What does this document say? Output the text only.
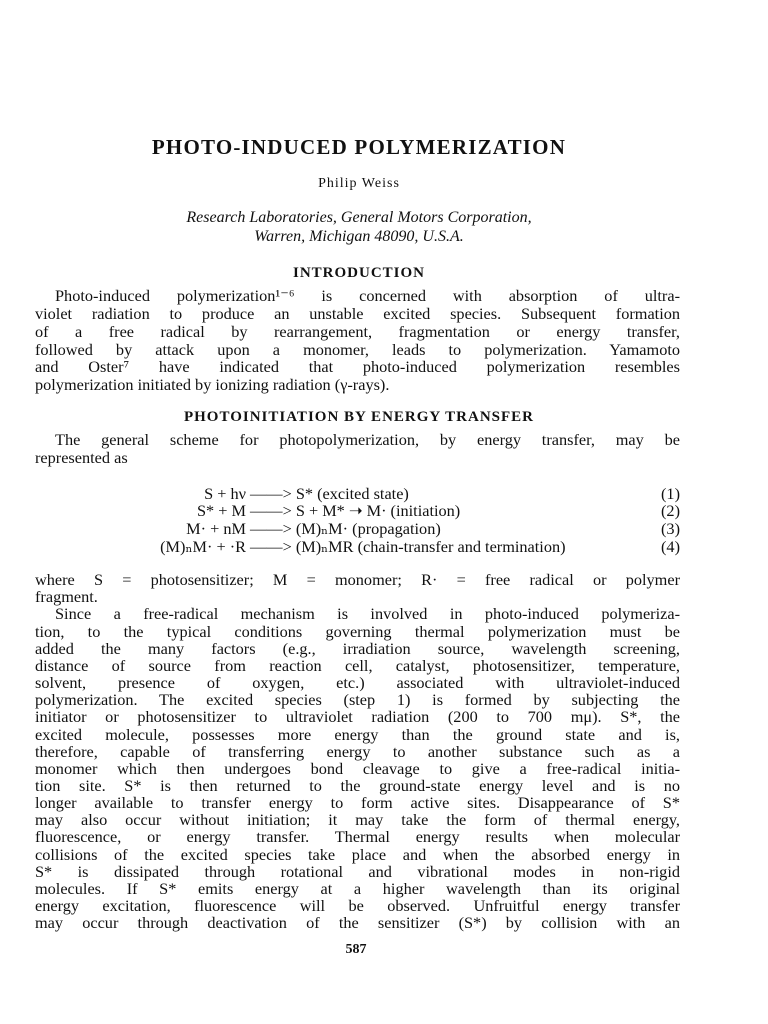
PHOTO-INDUCED POLYMERIZATION
Philip Weiss
Research Laboratories, General Motors Corporation,
Warren, Michigan 48090, U.S.A.
INTRODUCTION
Photo-induced polymerization¹⁻⁶ is concerned with absorption of ultra-
violet radiation to produce an unstable excited species. Subsequent formation
of a free radical by rearrangement, fragmentation or energy transfer,
followed by attack upon a monomer, leads to polymerization. Yamamoto
and Oster⁷ have indicated that photo-induced polymerization resembles
polymerization initiated by ionizing radiation (γ-rays).
PHOTOINITIATION BY ENERGY TRANSFER
The general scheme for photopolymerization, by energy transfer, may be
represented as
S + hν ——> S* (excited state)	(1)
S* + M ——> S + M* ➝ M· (initiation)	(2)
M· + nM ——> (M)ₙM· (propagation)	(3)
(M)ₙM· + ·R ——> (M)ₙMR (chain-transfer and termination)	(4)
where S = photosensitizer; M = monomer; R· = free radical or polymer
fragment.
Since a free-radical mechanism is involved in photo-induced polymeriza-
tion, to the typical conditions governing thermal polymerization must be
added the many factors (e.g., irradiation source, wavelength screening,
distance of source from reaction cell, catalyst, photosensitizer, temperature,
solvent, presence of oxygen, etc.) associated with ultraviolet-induced
polymerization. The excited species (step 1) is formed by subjecting the
initiator or photosensitizer to ultraviolet radiation (200 to 700 mμ). S*, the
excited molecule, possesses more energy than the ground state and is,
therefore, capable of transferring energy to another substance such as a
monomer which then undergoes bond cleavage to give a free-radical initia-
tion site. S* is then returned to the ground-state energy level and is no
longer available to transfer energy to form active sites. Disappearance of S*
may also occur without initiation; it may take the form of thermal energy,
fluorescence, or energy transfer. Thermal energy results when molecular
collisions of the excited species take place and when the absorbed energy in
S* is dissipated through rotational and vibrational modes in non-rigid
molecules. If S* emits energy at a higher wavelength than its original
energy excitation, fluorescence will be observed. Unfruitful energy transfer
may occur through deactivation of the sensitizer (S*) by collision with an
587
